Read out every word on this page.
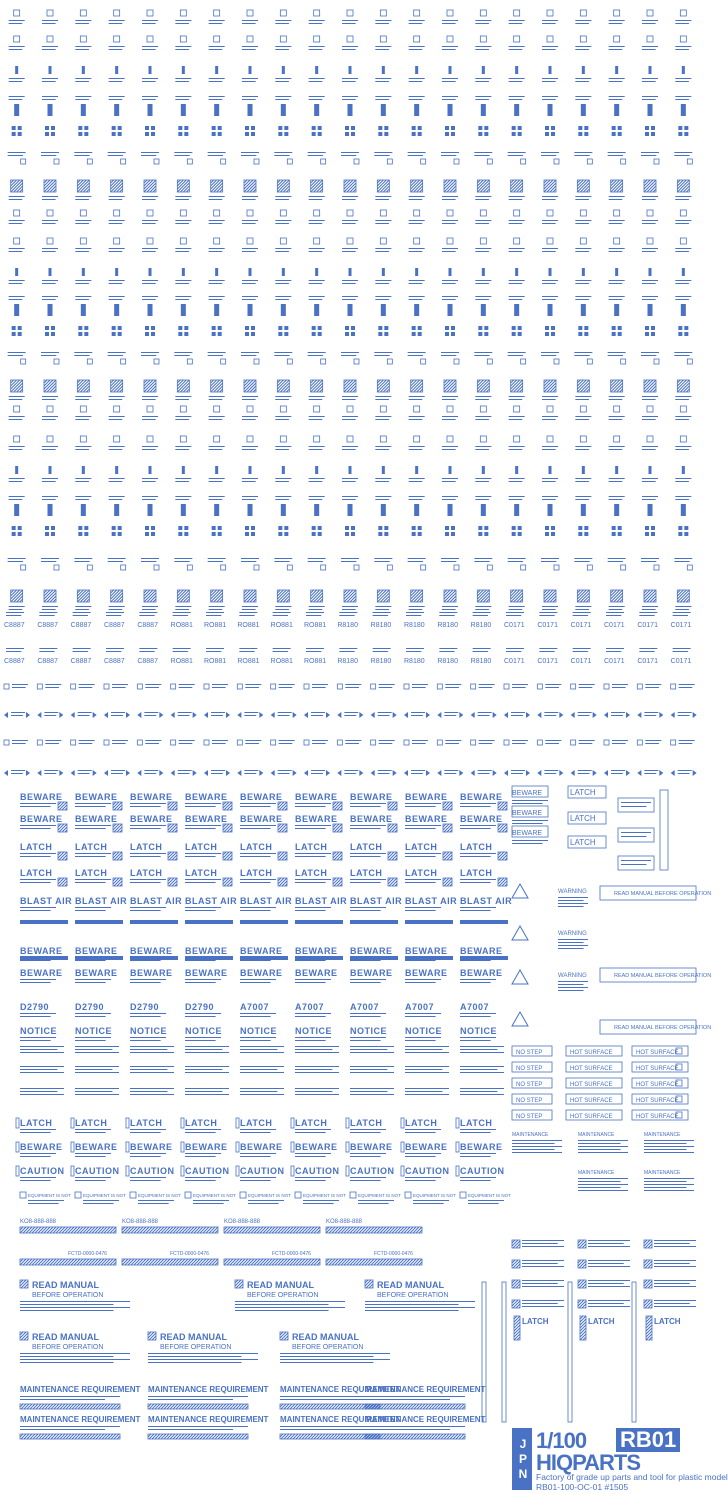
C8887 C8887 C8887 C8887 C8887 RO881 RO881 RO881 RO881 RO881 R8180 R8180 R8180 R8180 R8180 C0171 C0171 C0171 C0171 C0171 C0171
C8887 C8887 C8887 C8887 C8887 RO881 RO881 RO881 RO881 RO881 R8180 R8180 R8180 R8180 R8180 C0171 C0171 C0171 C0171 C0171 C0171
BEWARE BEWARE BEWARE BEWARE BEWARE BEWARE BEWARE BEWARE BEWARE
BEWARE BEWARE BEWARE BEWARE BEWARE BEWARE BEWARE BEWARE BEWARE
LATCH	LATCH	LATCH	LATCH	LATCH	LATCH	LATCH	LATCH	LATCH
LATCH	LATCH	LATCH	LATCH	LATCH	LATCH	LATCH	LATCH	LATCH
BLAST AIR BLAST AIR BLAST AIR BLAST AIR BLAST AIR BLAST AIR BLAST AIR BLAST AIR BLAST AIR
BEWARE BEWARE BEWARE BEWARE BEWARE BEWARE BEWARE BEWARE BEWARE
BEWARE BEWARE BEWARE BEWARE BEWARE BEWARE BEWARE BEWARE BEWARE
D2790	D2790	D2790	D2790	A7007	A7007	A7007	A7007	A7007
NOTICE NOTICE NOTICE NOTICE NOTICE NOTICE NOTICE NOTICE NOTICE
LATCH	LATCH	LATCH	LATCH	LATCH	LATCH	LATCH	LATCH	LATCH
BEWARE BEWARE BEWARE BEWARE BEWARE BEWARE BEWARE BEWARE BEWARE
CAUTION CAUTION CAUTION CAUTION CAUTION CAUTION CAUTION CAUTION CAUTION
EQUIPMENT IS NOT	EQUIPMENT IS NOT	EQUIPMENT IS NOT	EQUIPMENT IS NOT	EQUIPMENT IS NOT	EQUIPMENT IS NOT	EQUIPMENT IS NOT	EQUIPMENT IS NOT	EQUIPMENT IS NOT
KO8-888-888
FCTD-0000-0476
KO8-888-888
FCTD-0000-0476
KO8-888-888
FCTD-0000-0476
KO8-888-888
FCTD-0000-0476
READ MANUAL
BEFORE OPERATION
READ MANUAL
BEFORE OPERATION
READ MANUAL
BEFORE OPERATION
READ MANUAL
BEFORE OPERATION
READ MANUAL
BEFORE OPERATION
READ MANUAL
BEFORE OPERATION
MAINTENANCE REQUIREMENT MAINTENANCE REQUIREMENT MAINTENANCE REQUIREMENT
MAINTENANCE REQUIREMENT
MAINTENANCE REQUIREMENT MAINTENANCE REQUIREMENT MAINTENANCE REQUIREMENT
MAINTENANCE REQUIREMENT
BEWARE
BEWARE
BEWARE
LATCH
LATCH
LATCH
WARNING
WARNING
WARNING
READ MANUAL BEFORE OPERATION
READ MANUAL BEFORE OPERATION
READ MANUAL BEFORE OPERATION
NO STEP	HOT SURFACE	HOT SURFACE
NO STEP	HOT SURFACE	HOT SURFACE
NO STEP	HOT SURFACE	HOT SURFACE
NO STEP	HOT SURFACE	HOT SURFACE
NO STEP	HOT SURFACE	HOT SURFACE
MAINTENANCE	MAINTENANCE	MAINTENANCE
MAINTENANCE	MAINTENANCE
LATCH	LATCH	LATCH
JPN 1/100 RB01
HIQPARTS
Factory of grade up parts and tool for plastic model
RB01-100-OC-01 #1505
